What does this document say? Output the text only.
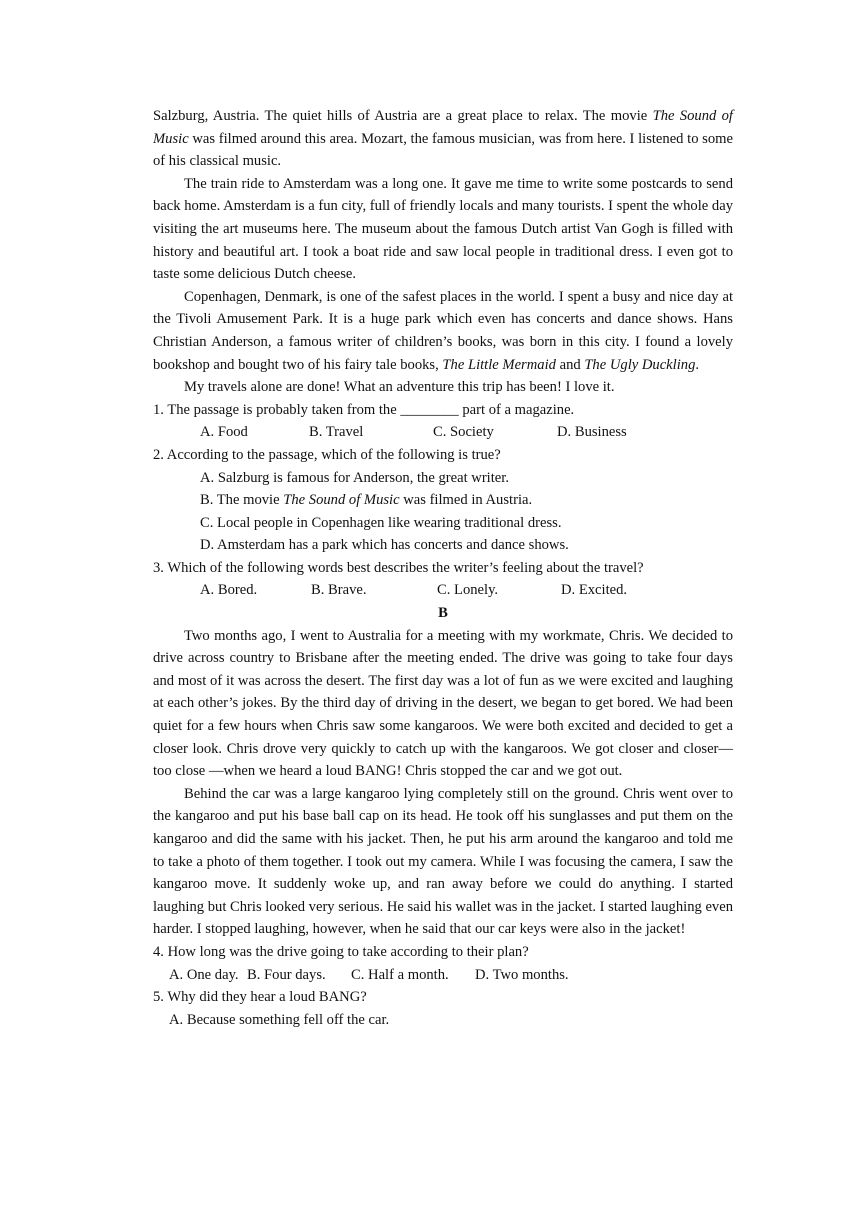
Salzburg, Austria. The quiet hills of Austria are a great place to relax. The movie The Sound of Music was filmed around this area. Mozart, the famous musician, was from here. I listened to some of his classical music.

The train ride to Amsterdam was a long one. It gave me time to write some postcards to send back home. Amsterdam is a fun city, full of friendly locals and many tourists. I spent the whole day visiting the art museums here. The museum about the famous Dutch artist Van Gogh is filled with history and beautiful art. I took a boat ride and saw local people in traditional dress. I even got to taste some delicious Dutch cheese.

Copenhagen, Denmark, is one of the safest places in the world. I spent a busy and nice day at the Tivoli Amusement Park. It is a huge park which even has concerts and dance shows. Hans Christian Anderson, a famous writer of children’s books, was born in this city. I found a lovely bookshop and bought two of his fairy tale books, The Little Mermaid and The Ugly Duckling.

My travels alone are done! What an adventure this trip has been! I love it.

1. The passage is probably taken from the ________ part of a magazine.

A. Food	B. Travel	C. Society	D. Business

2. According to the passage, which of the following is true?

A. Salzburg is famous for Anderson, the great writer.

B. The movie The Sound of Music was filmed in Austria.

C. Local people in Copenhagen like wearing traditional dress.

D. Amsterdam has a park which has concerts and dance shows.

3. Which of the following words best describes the writer’s feeling about the travel?

A. Bored.	B. Brave.	C. Lonely.	D. Excited.

B

Two months ago, I went to Australia for a meeting with my workmate, Chris. We decided to drive across country to Brisbane after the meeting ended. The drive was going to take four days and most of it was across the desert. The first day was a lot of fun as we were excited and laughing at each other’s jokes. By the third day of driving in the desert, we began to get bored. We had been quiet for a few hours when Chris saw some kangaroos. We were both excited and decided to get a closer look. Chris drove very quickly to catch up with the kangaroos. We got closer and closer—too close —when we heard a loud BANG! Chris stopped the car and we got out.

Behind the car was a large kangaroo lying completely still on the ground. Chris went over to the kangaroo and put his base ball cap on its head. He took off his sunglasses and put them on the kangaroo and did the same with his jacket. Then, he put his arm around the kangaroo and told me to take a photo of them together. I took out my camera. While I was focusing the camera, I saw the kangaroo move. It suddenly woke up, and ran away before we could do anything. I started laughing but Chris looked very serious. He said his wallet was in the jacket. I started laughing even harder. I stopped laughing, however, when he said that our car keys were also in the jacket!

4. How long was the drive going to take according to their plan?

A. One day. B. Four days.	C. Half a month.	D. Two months.

5. Why did they hear a loud BANG?

A. Because something fell off the car.
